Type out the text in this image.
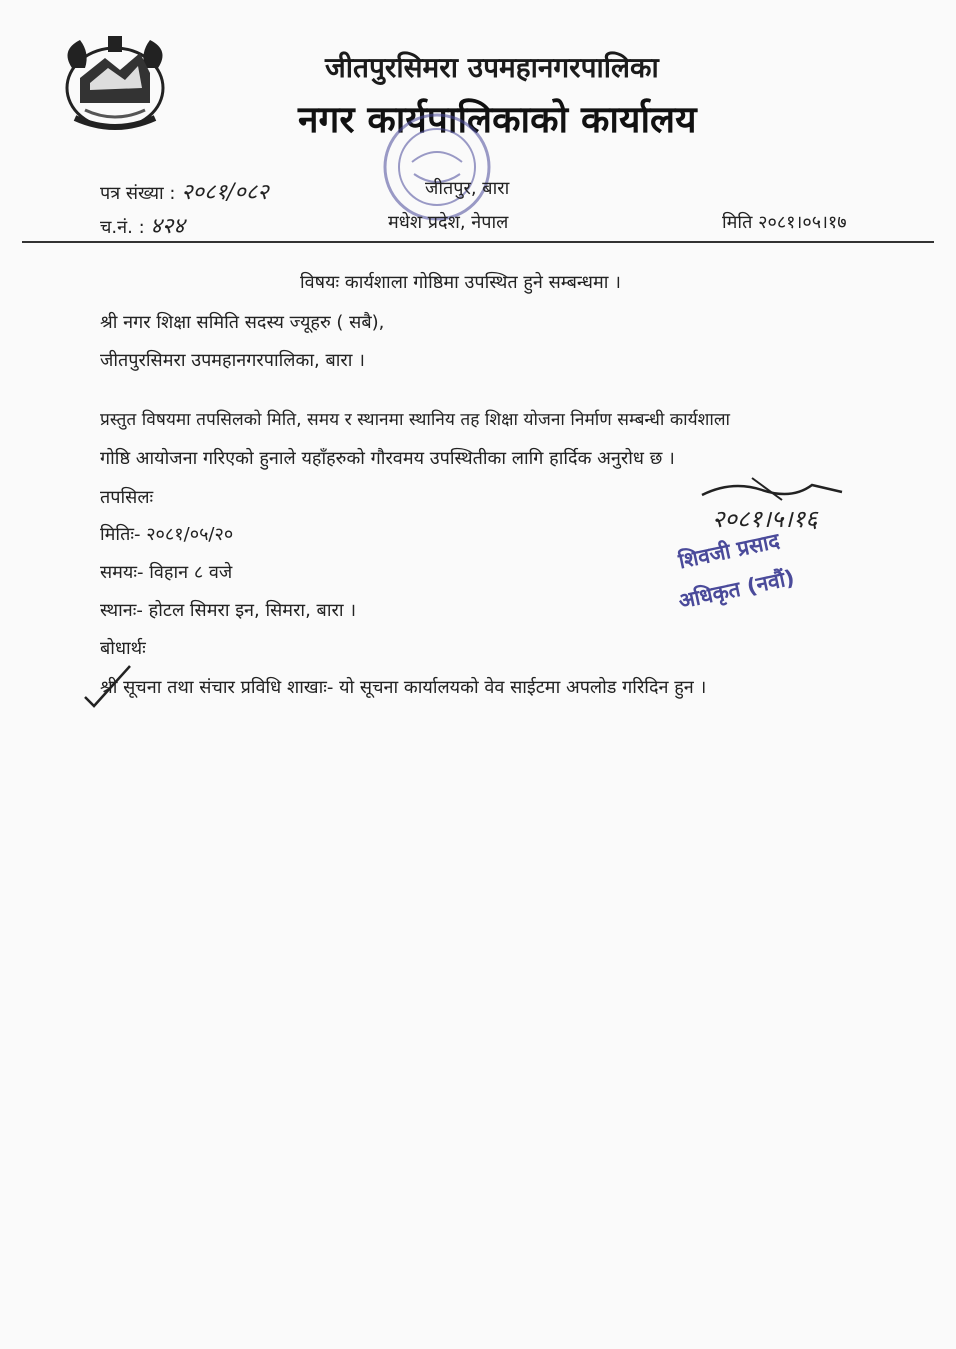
जीतपुरसिमरा उपमहानगरपालिका
नगर कार्यपालिकाको कार्यालय
पत्र संख्या : २०८१/०८२	जीतपुर, बारा
च.नं. : ४२४	मधेश प्रदेश, नेपाल	मिति २०८१।०५।१७
विषयः कार्यशाला गोष्ठिमा उपस्थित हुने सम्बन्धमा ।
श्री नगर शिक्षा समिति सदस्य ज्यूहरु ( सबै),
जीतपुरसिमरा उपमहानगरपालिका, बारा ।
प्रस्तुत विषयमा तपसिलको मिति, समय र स्थानमा स्थानिय तह शिक्षा योजना निर्माण सम्बन्धी कार्यशाला
गोष्ठि आयोजना गरिएको हुनाले यहाँहरुको गौरवमय उपस्थितीका लागि हार्दिक अनुरोध छ ।
तपसिलः
मितिः- २०८१/०५/२०
समयः- विहान ८ वजे
स्थानः- होटल सिमरा इन, सिमरा, बारा ।
बोधार्थः
श्री सूचना तथा संचार प्रविधि शाखाः- यो सूचना कार्यालयको वेव साईटमा अपलोड गरिदिन हुन ।
२०८१।५।१६
शिवजी प्रसाद
अधिकृत (नवौं)
